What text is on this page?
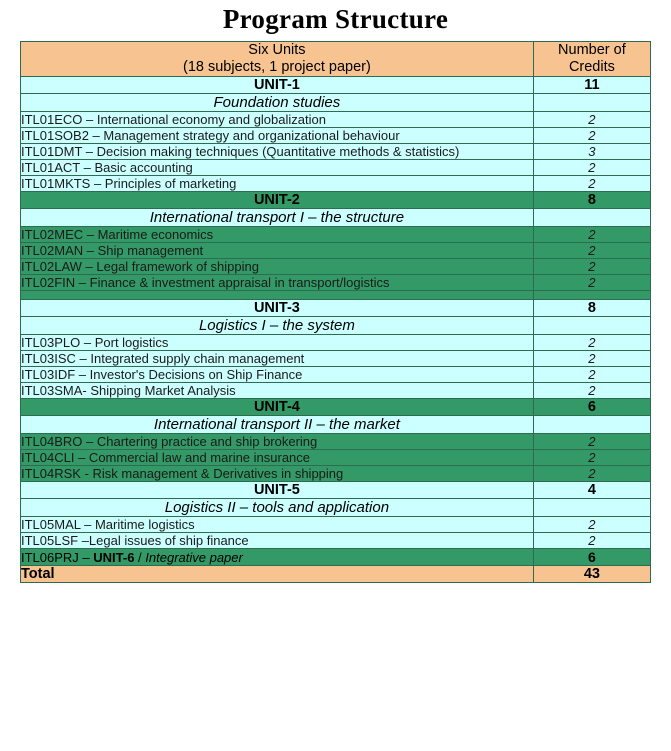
Program Structure
Six Units
(18 subjects, 1 project paper)	Number of
Credits

UNIT-1	11
Foundation studies	
ITL01ECO – International economy and globalization	2
ITL01SOB2 – Management strategy and organizational behaviour	2
ITL01DMT – Decision making techniques (Quantitative methods & statistics)	3
ITL01ACT – Basic accounting	2
ITL01MKTS – Principles of marketing	2
UNIT-2	8
International transport I – the structure	
ITL02MEC – Maritime economics	2
ITL02MAN – Ship management	2
ITL02LAW – Legal framework of shipping	2
ITL02FIN – Finance & investment appraisal in transport/logistics	2

UNIT-3	8
Logistics I – the system	
ITL03PLO – Port logistics	2
ITL03ISC – Integrated supply chain management	2
ITL03IDF – Investor's Decisions on Ship Finance	2
ITL03SMA- Shipping Market Analysis	2
UNIT-4	6
International transport II – the market	
ITL04BRO – Chartering practice and ship brokering	2
ITL04CLI – Commercial law and marine insurance	2
ITL04RSK - Risk management & Derivatives in shipping	2
UNIT-5	4
Logistics II – tools and application	
ITL05MAL – Maritime logistics	2
ITL05LSF –Legal issues of ship finance	2
ITL06PRJ – UNIT-6 / Integrative paper	6
Total	43
